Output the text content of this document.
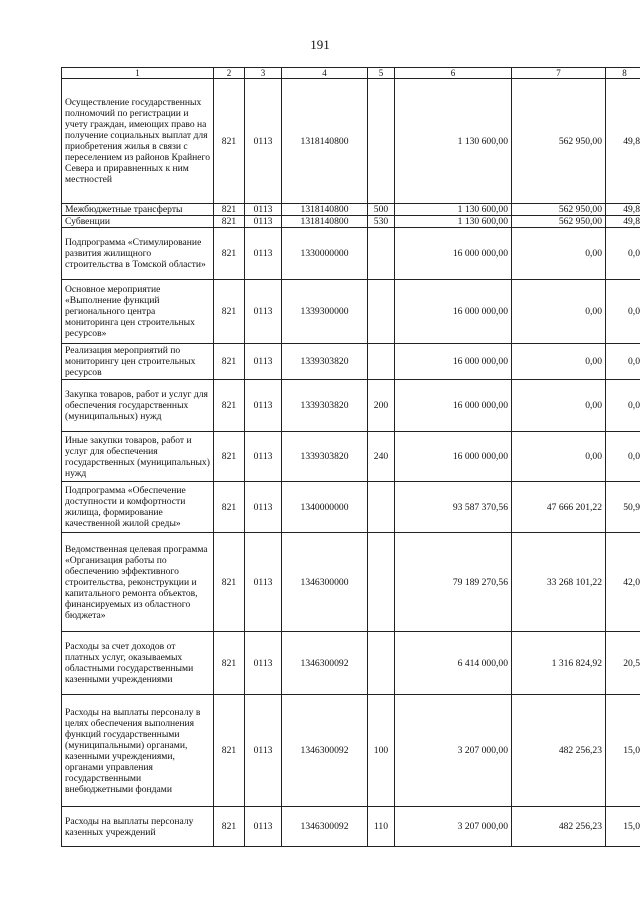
191
1	2	3	4	5	6	7	8
Осуществление государственных полномочий по регистрации и учету граждан, имеющих право на получение социальных выплат для приобретения жилья в связи с переселением из районов Крайнего Севера и приравненных к ним местностей	821	0113	1318140800		1 130 600,00	562 950,00	49,8
Межбюджетные трансферты	821	0113	1318140800	500	1 130 600,00	562 950,00	49,8
Субвенции	821	0113	1318140800	530	1 130 600,00	562 950,00	49,8
Подпрограмма «Стимулирование развития жилищного строительства в Томской области»	821	0113	1330000000		16 000 000,00	0,00	0,0
Основное мероприятие «Выполнение функций регионального центра мониторинга цен строительных ресурсов»	821	0113	1339300000		16 000 000,00	0,00	0,0
Реализация мероприятий по мониторингу цен строительных ресурсов	821	0113	1339303820		16 000 000,00	0,00	0,0
Закупка товаров, работ и услуг для обеспечения государственных (муниципальных) нужд	821	0113	1339303820	200	16 000 000,00	0,00	0,0
Иные закупки товаров, работ и услуг для обеспечения государственных (муниципальных) нужд	821	0113	1339303820	240	16 000 000,00	0,00	0,0
Подпрограмма «Обеспечение доступности и комфортности жилища, формирование качественной жилой среды»	821	0113	1340000000		93 587 370,56	47 666 201,22	50,9
Ведомственная целевая программа «Организация работы по обеспечению эффективного строительства, реконструкции и капитального ремонта объектов, финансируемых из областного бюджета»	821	0113	1346300000		79 189 270,56	33 268 101,22	42,0
Расходы за счет доходов от платных услуг, оказываемых областными государственными казенными учреждениями	821	0113	1346300092		6 414 000,00	1 316 824,92	20,5
Расходы на выплаты персоналу в целях обеспечения выполнения функций государственными (муниципальными) органами, казенными учреждениями, органами управления государственными внебюджетными фондами	821	0113	1346300092	100	3 207 000,00	482 256,23	15,0
Расходы на выплаты персоналу казенных учреждений	821	0113	1346300092	110	3 207 000,00	482 256,23	15,0
